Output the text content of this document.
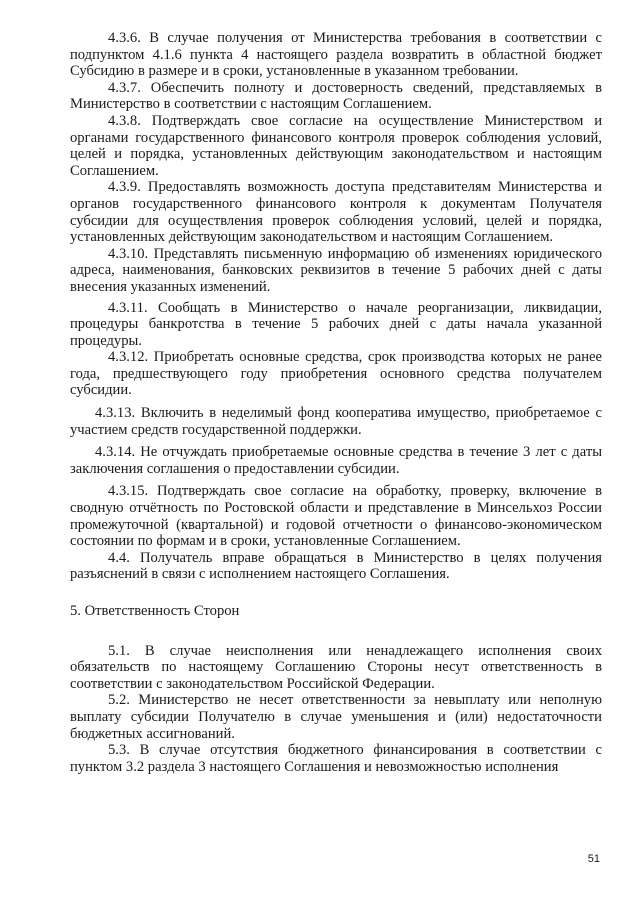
4.3.6. В случае получения от Министерства требования в соответствии с подпунктом 4.1.6 пункта 4 настоящего раздела возвратить в областной бюджет Субсидию в размере и в сроки, установленные в указанном требовании.

4.3.7. Обеспечить полноту и достоверность сведений, представляемых в Министерство в соответствии с настоящим Соглашением.

4.3.8. Подтверждать свое согласие на осуществление Министерством и органами государственного финансового контроля проверок соблюдения условий, целей и порядка, установленных действующим законодательством и настоящим Соглашением.

4.3.9. Предоставлять возможность доступа представителям Министерства и органов государственного финансового контроля к документам Получателя субсидии для осуществления проверок соблюдения условий, целей и порядка, установленных действующим законодательством и настоящим Соглашением.

4.3.10. Представлять письменную информацию об изменениях юридического адреса, наименования, банковских реквизитов в течение 5 рабочих дней с даты внесения указанных изменений.

4.3.11. Сообщать в Министерство о начале реорганизации, ликвидации, процедуры банкротства в течение 5 рабочих дней с даты начала указанной процедуры.

4.3.12. Приобретать основные средства, срок производства которых не ранее года, предшествующего году приобретения основного средства получателем субсидии.

4.3.13. Включить в неделимый фонд кооператива имущество, приобретаемое с участием средств государственной поддержки.

4.3.14. Не отчуждать приобретаемые основные средства в течение 3 лет с даты заключения соглашения о предоставлении субсидии.

4.3.15. Подтверждать свое согласие на обработку, проверку, включение в сводную отчётность по Ростовской области и представление в Минсельхоз России промежуточной (квартальной) и годовой отчетности о финансово-экономическом состоянии по формам и в сроки, установленные Соглашением.

4.4. Получатель вправе обращаться в Министерство в целях получения разъяснений в связи с исполнением настоящего Соглашения.

5. Ответственность Сторон

5.1. В случае неисполнения или ненадлежащего исполнения своих обязательств по настоящему Соглашению Стороны несут ответственность в соответствии с законодательством Российской Федерации.

5.2. Министерство не несет ответственности за невыплату или неполную выплату субсидии Получателю в случае уменьшения и (или) недостаточности бюджетных ассигнований.

5.3. В случае отсутствия бюджетного финансирования в соответствии с пунктом 3.2 раздела 3 настоящего Соглашения и невозможностью исполнения

51
